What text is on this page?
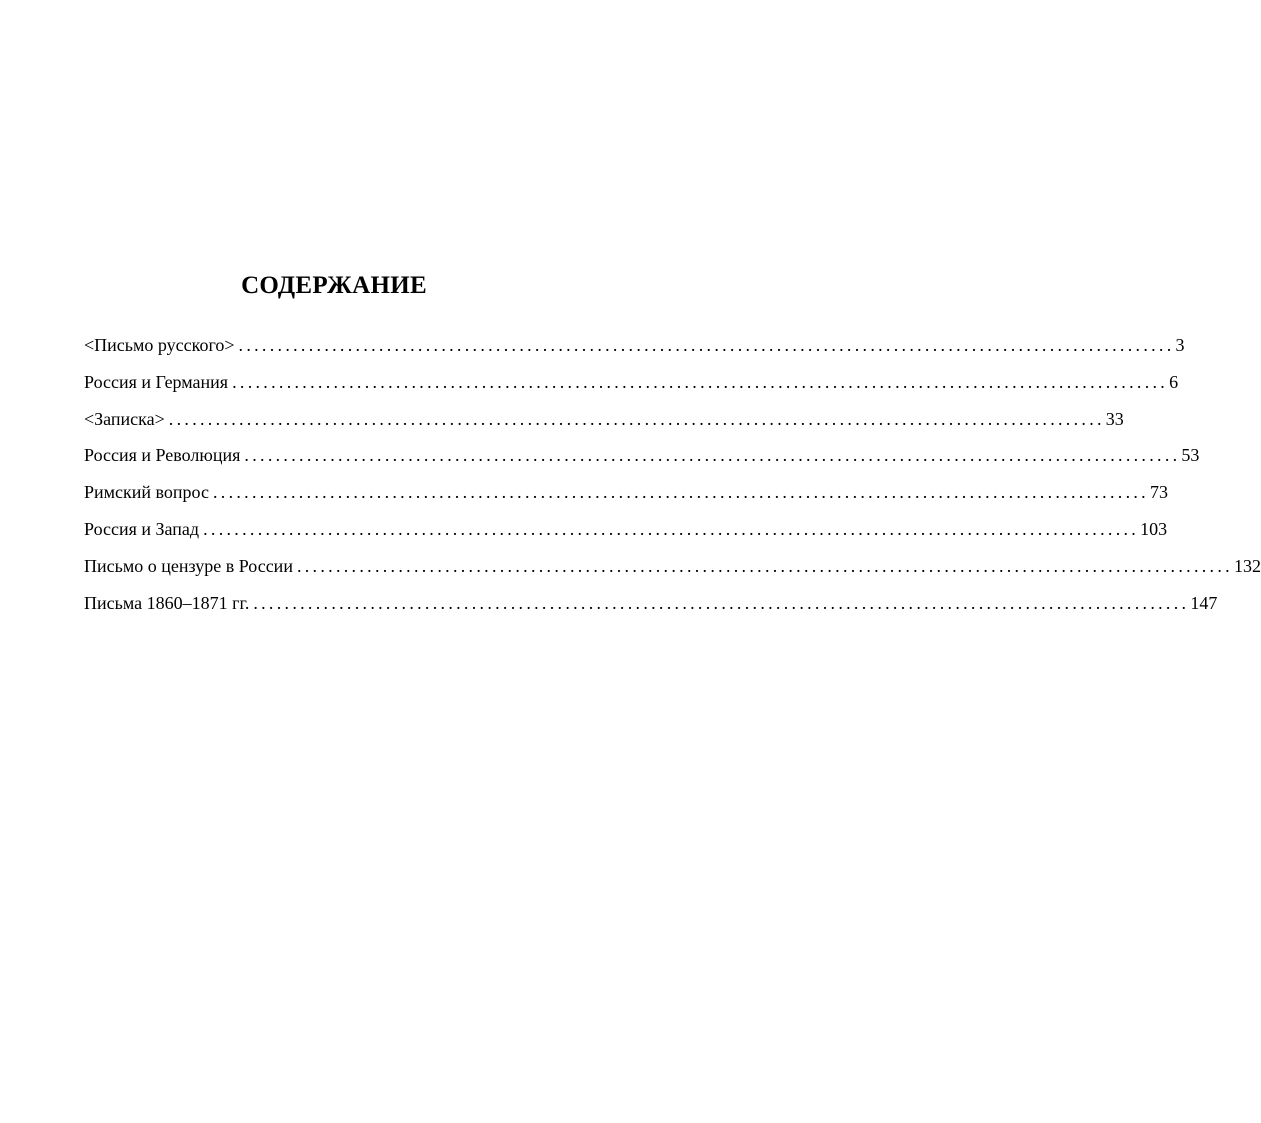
СОДЕРЖАНИЕ
<Письмо русского> ........................................................................................................................ 3
Россия и Германия ........................................................................................................................ 6
<Записка> ........................................................................................................................ 33
Россия и Революция ........................................................................................................................ 53
Римский вопрос ........................................................................................................................ 73
Россия и Запад ........................................................................................................................ 103
Письмо о цензуре в России ........................................................................................................................ 132
Письма 1860–1871 гг. ........................................................................................................................ 147
